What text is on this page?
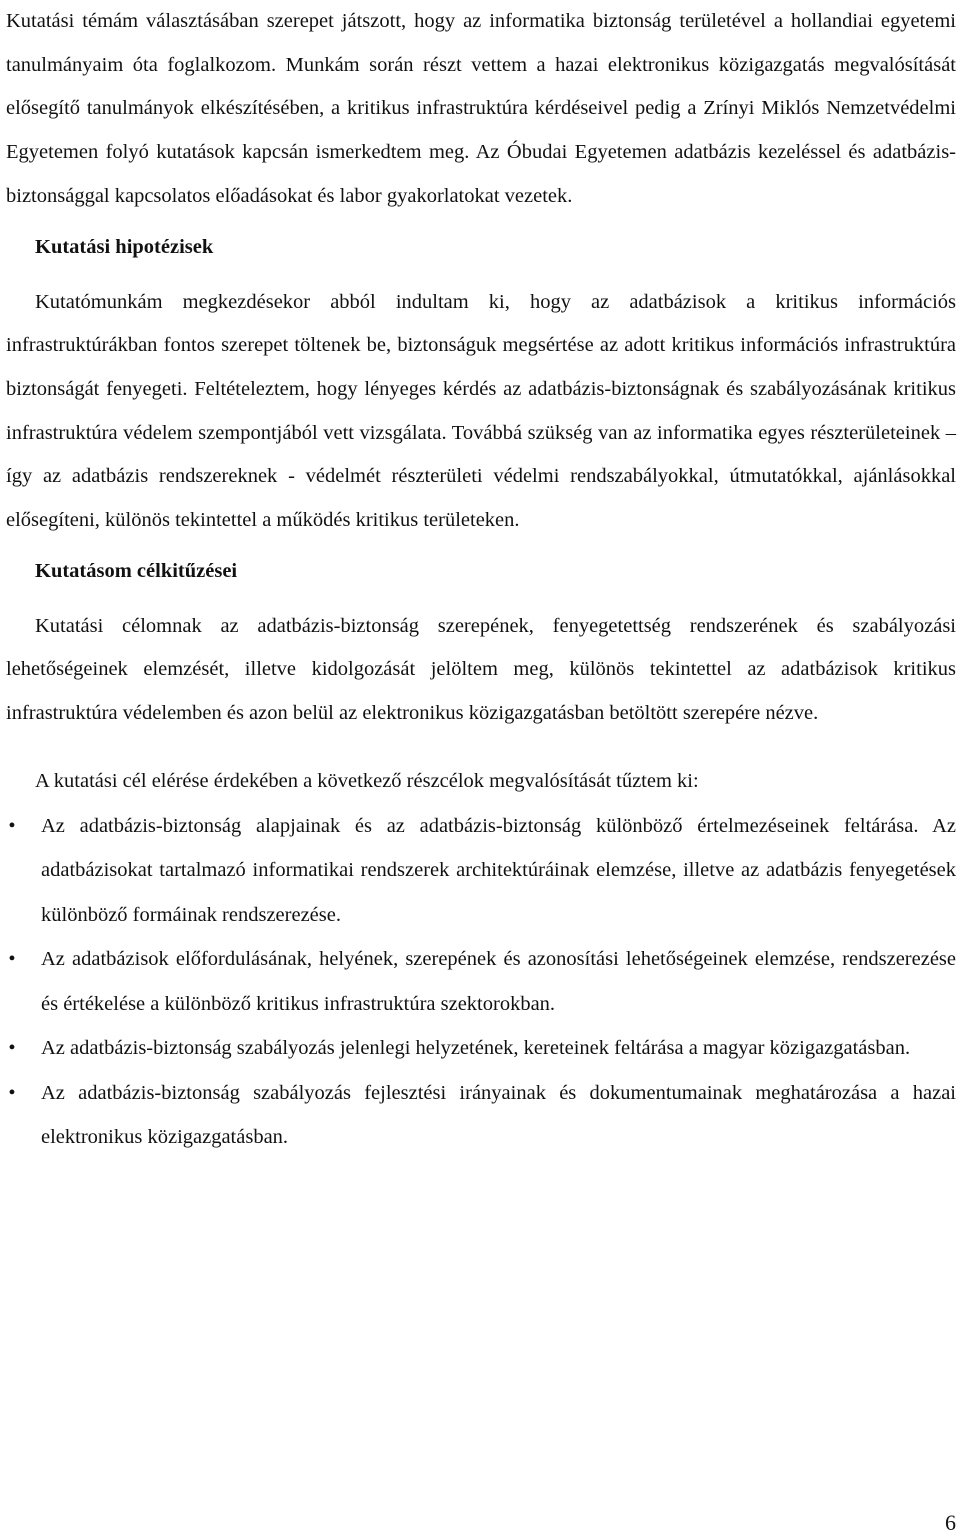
Kutatási témám választásában szerepet játszott, hogy az informatika biztonság területével a hollandiai egyetemi tanulmányaim óta foglalkozom. Munkám során részt vettem a hazai elektronikus közigazgatás megvalósítását elősegítő tanulmányok elkészítésében, a kritikus infrastruktúra kérdéseivel pedig a Zrínyi Miklós Nemzetvédelmi Egyetemen folyó kutatások kapcsán ismerkedtem meg. Az Óbudai Egyetemen adatbázis kezeléssel és adatbázis-biztonsággal kapcsolatos előadásokat és labor gyakorlatokat vezetek.

Kutatási hipotézisek

Kutatómunkám megkezdésekor abból indultam ki, hogy az adatbázisok a kritikus információs infrastruktúrákban fontos szerepet töltenek be, biztonságuk megsértése az adott kritikus információs infrastruktúra biztonságát fenyegeti. Feltételeztem, hogy lényeges kérdés az adatbázis-biztonságnak és szabályozásának kritikus infrastruktúra védelem szempontjából vett vizsgálata. Továbbá szükség van az informatika egyes részterületeinek – így az adatbázis rendszereknek - védelmét részterületi védelmi rendszabályokkal, útmutatókkal, ajánlásokkal elősegíteni, különös tekintettel a működés kritikus területeken.

Kutatásom célkitűzései

Kutatási célomnak az adatbázis-biztonság szerepének, fenyegetettség rendszerének és szabályozási lehetőségeinek elemzését, illetve kidolgozását jelöltem meg, különös tekintettel az adatbázisok kritikus infrastruktúra védelemben és azon belül az elektronikus közigazgatásban betöltött szerepére nézve.

A kutatási cél elérése érdekében a következő részcélok megvalósítását tűztem ki:

• Az adatbázis-biztonság alapjainak és az adatbázis-biztonság különböző értelmezéseinek feltárása. Az adatbázisokat tartalmazó informatikai rendszerek architektúráinak elemzése, illetve az adatbázis fenyegetések különböző formáinak rendszerezése.
• Az adatbázisok előfordulásának, helyének, szerepének és azonosítási lehetőségeinek elemzése, rendszerezése és értékelése a különböző kritikus infrastruktúra szektorokban.
• Az adatbázis-biztonság szabályozás jelenlegi helyzetének, kereteinek feltárása a magyar közigazgatásban.
• Az adatbázis-biztonság szabályozás fejlesztési irányainak és dokumentumainak meghatározása a hazai elektronikus közigazgatásban.
6
